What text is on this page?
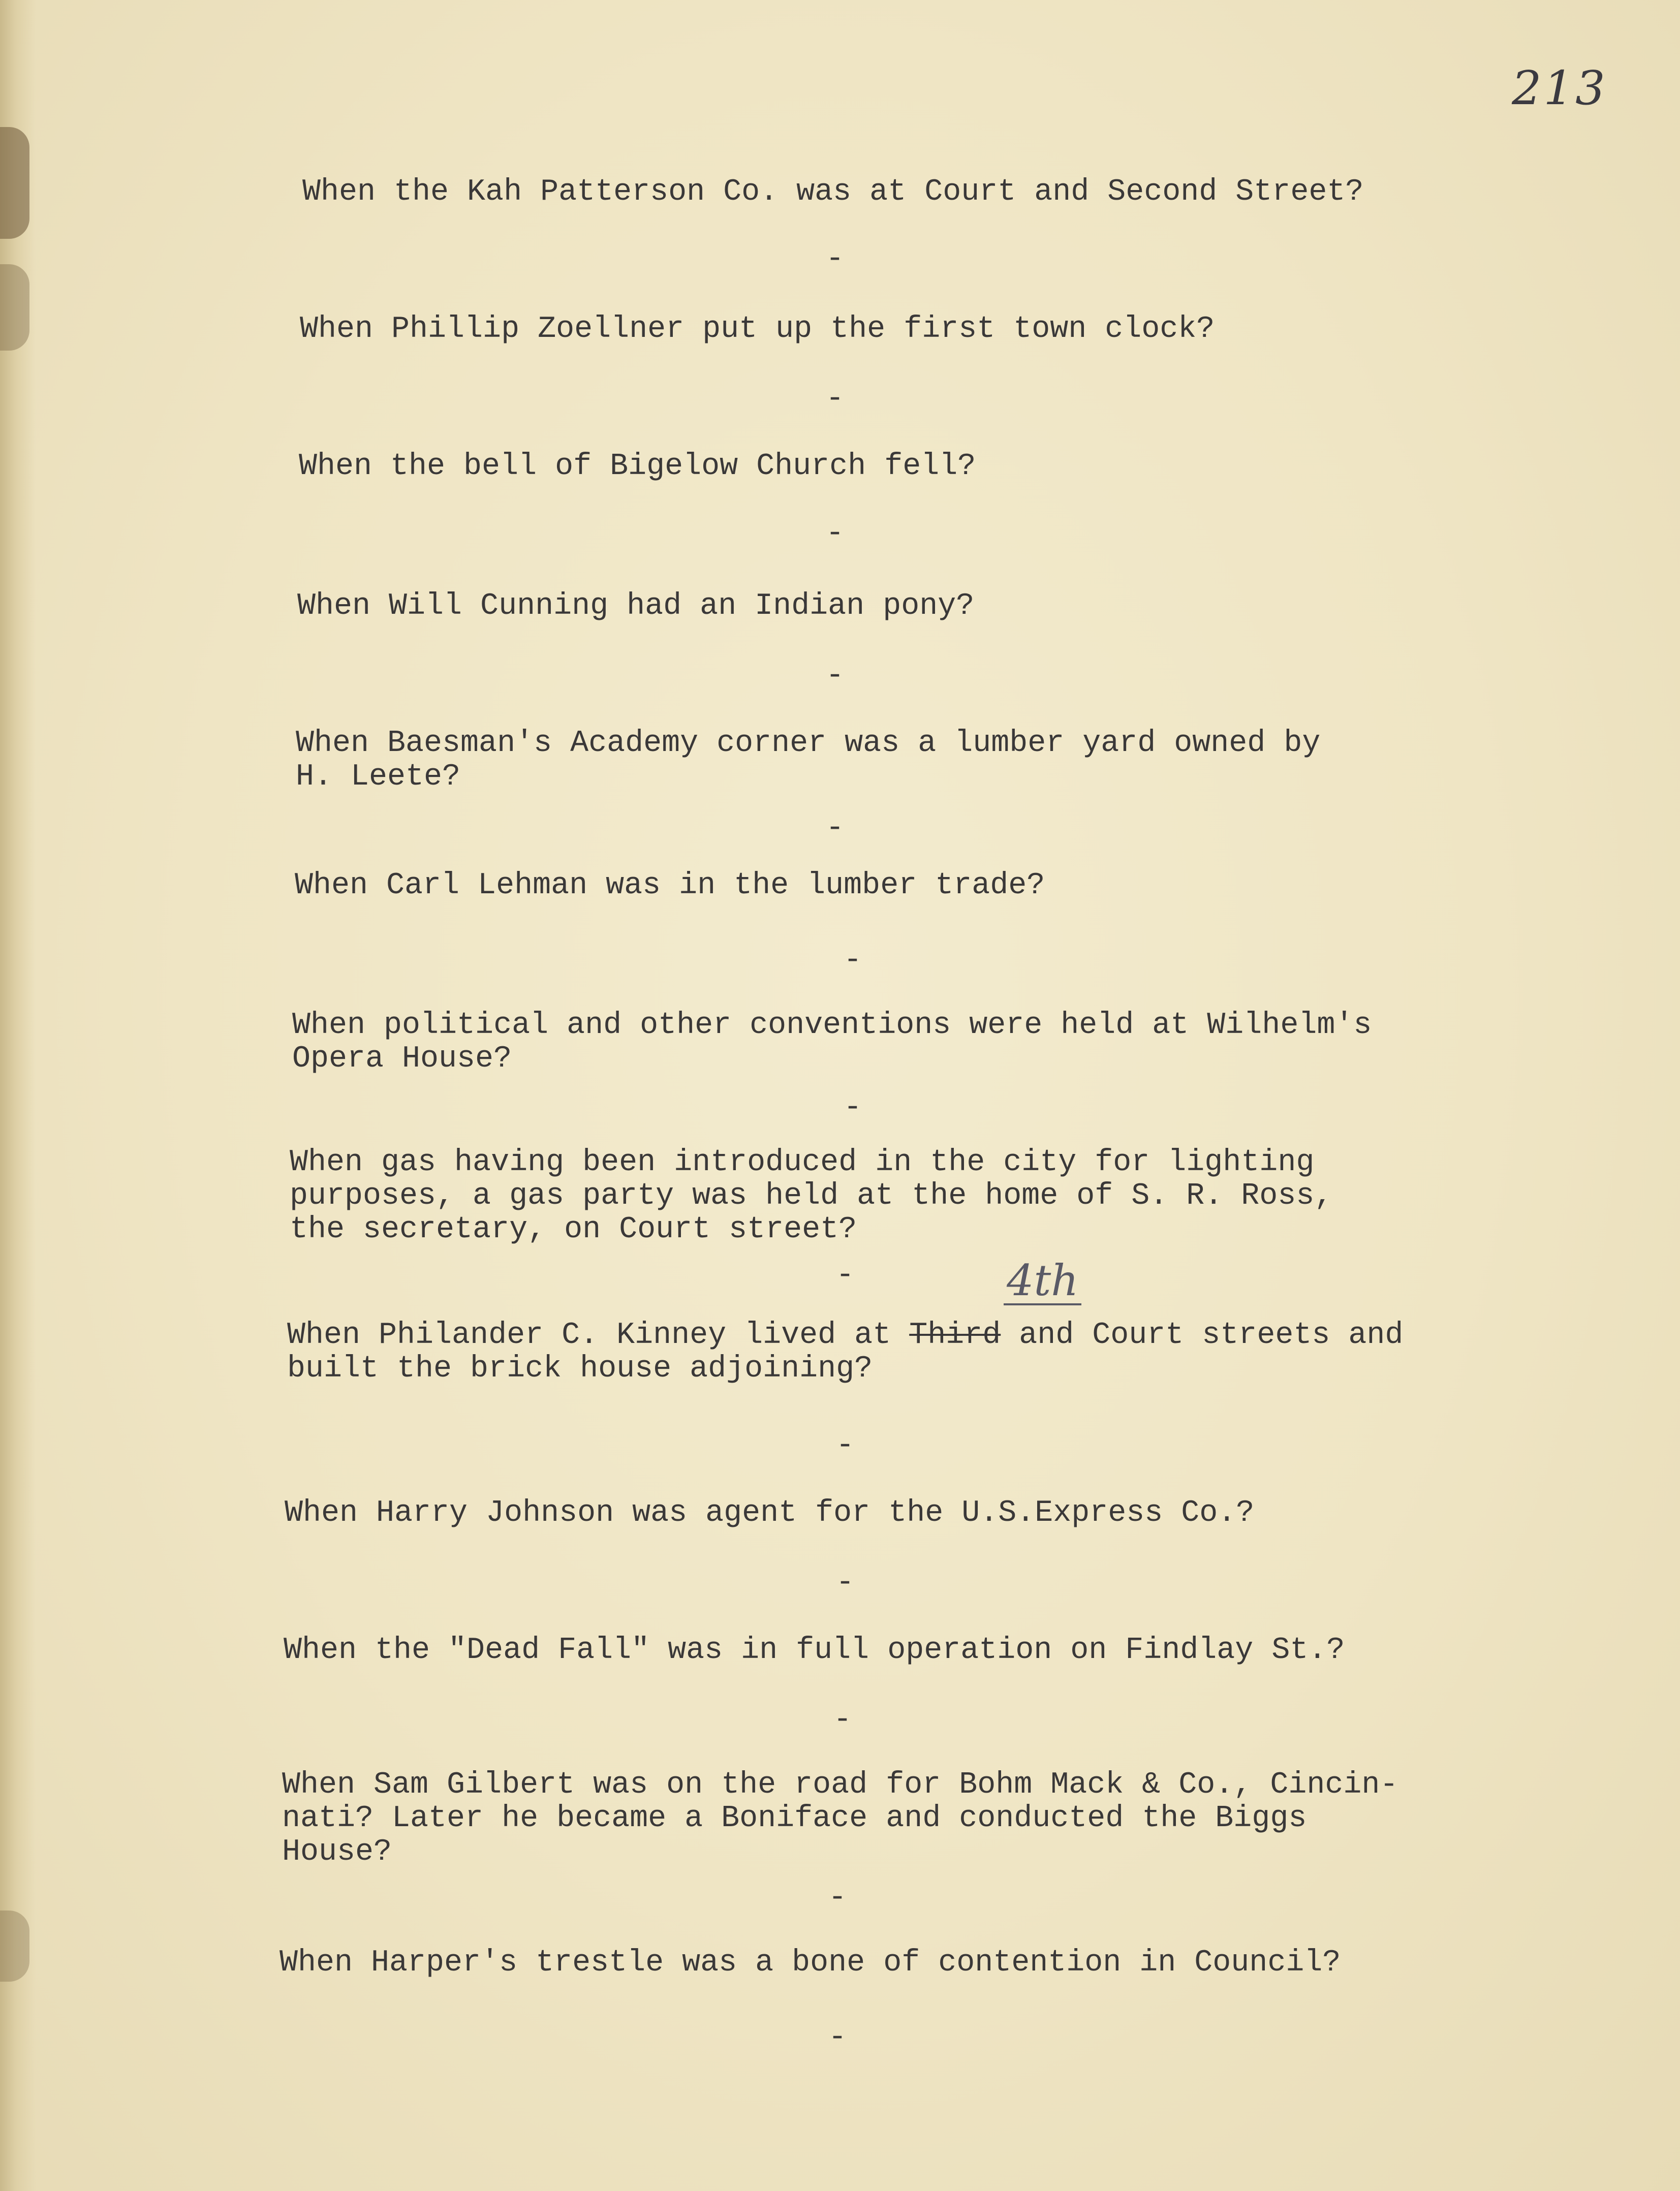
213

When the Kah Patterson Co. was at Court and Second Street?

-

When Phillip Zoellner put up the first town clock?

-

When the bell of Bigelow Church fell?

-

When Will Cunning had an Indian pony?

-

When Baesman's Academy corner was a lumber yard owned by
H. Leete?

-

When Carl Lehman was in the lumber trade?

-

When political and other conventions were held at Wilhelm's
Opera House?

-

When gas having been introduced in the city for lighting
purposes, a gas party was held at the home of S. R. Ross,
the secretary, on Court street?

-

When Philander C. Kinney lived at Third and Court streets and
built the brick house adjoining?

4th
-

When Harry Johnson was agent for the U.S.Express Co.?

-

When the "Dead Fall" was in full operation on Findlay St.?

-

When Sam Gilbert was on the road for Bohm Mack & Co., Cincin-
nati? Later he became a Boniface and conducted the Biggs
House?

-

When Harper's trestle was a bone of contention in Council?

-
